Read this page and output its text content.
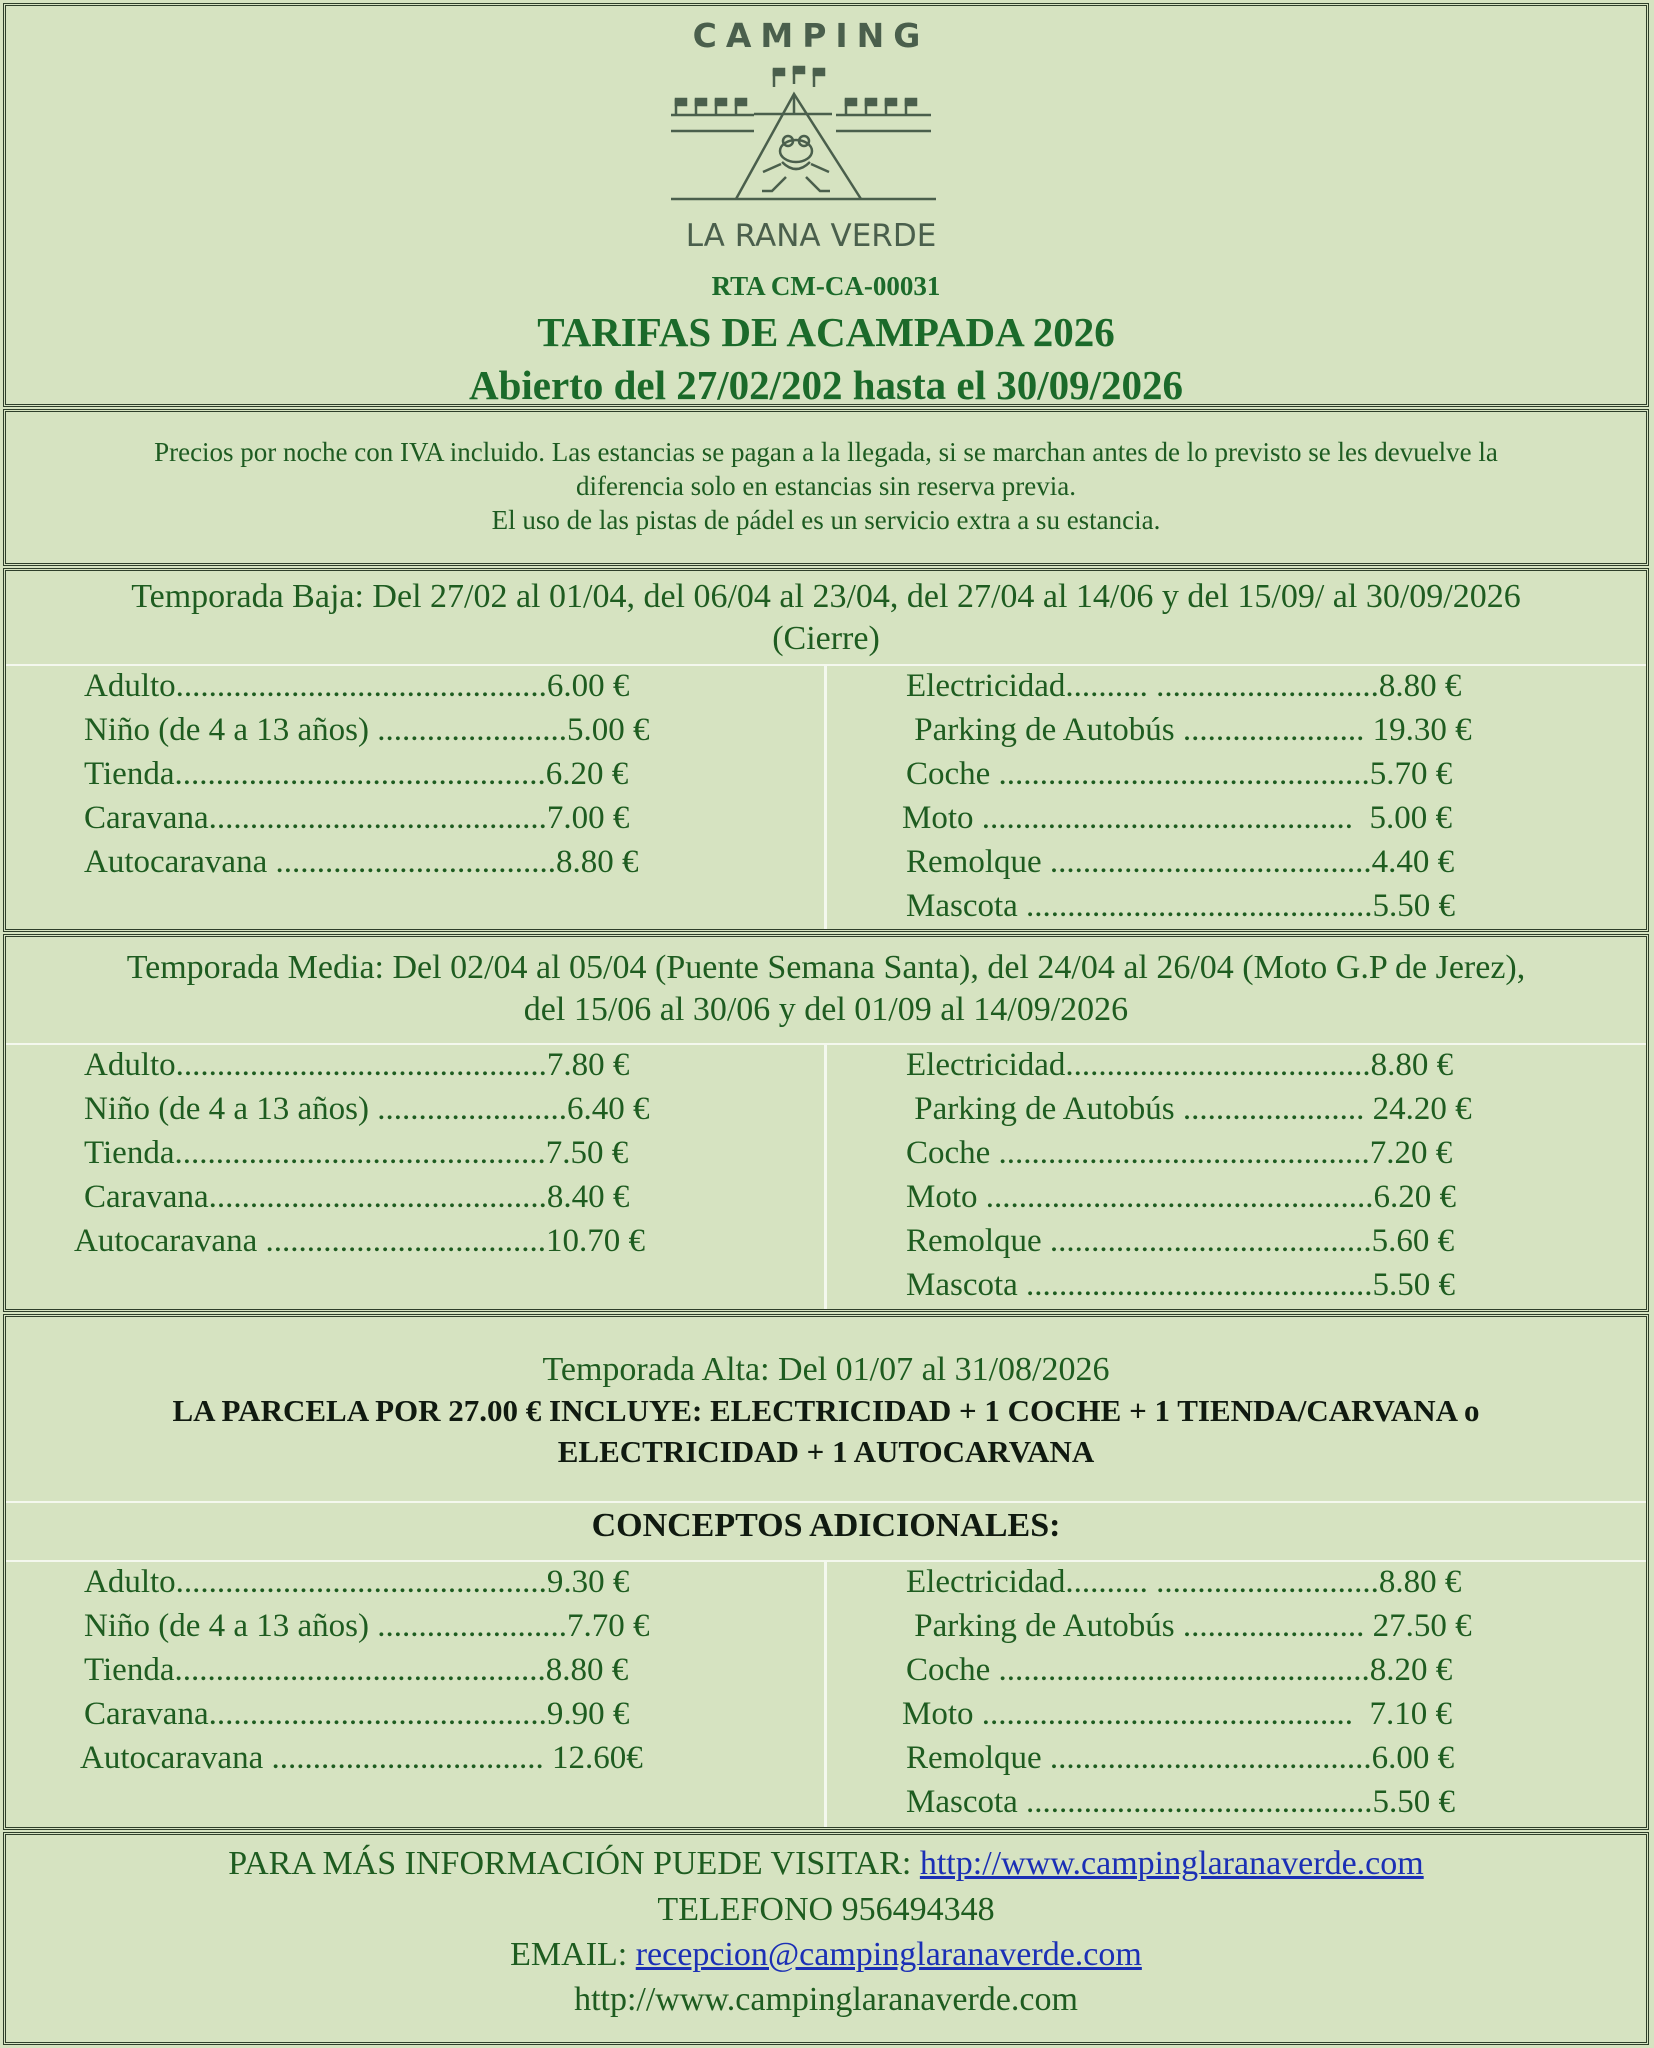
CAMPING
LA RANA VERDE
RTA CM-CA-00031
TARIFAS DE ACAMPADA 2026
Abierto del 27/02/202 hasta el 30/09/2026
Precios por noche con IVA incluido. Las estancias se pagan a la llegada, si se marchan antes de lo previsto se les devuelve la
diferencia solo en estancias sin reserva previa.
El uso de las pistas de pádel es un servicio extra a su estancia.
Temporada Baja: Del 27/02 al 01/04, del 06/04 al 23/04, del 27/04 al 14/06 y del 15/09/ al 30/09/2026
(Cierre)
Adulto.............................................6.00 €
Niño (de 4 a 13 años) .......................5.00 €
Tienda.............................................6.20 €
Caravana.........................................7.00 €
Autocaravana ..................................8.80 €
Electricidad.......... ...........................8.80 €
Parking de Autobús ...................... 19.30 €
Coche .............................................5.70 €
Moto .............................................  5.00 €
Remolque .......................................4.40 €
Mascota ..........................................5.50 €
Temporada Media: Del 02/04 al 05/04 (Puente Semana Santa), del 24/04 al 26/04 (Moto G.P de Jerez),
del 15/06 al 30/06 y del 01/09 al 14/09/2026
Adulto.............................................7.80 €
Niño (de 4 a 13 años) .......................6.40 €
Tienda.............................................7.50 €
Caravana.........................................8.40 €
Autocaravana ..................................10.70 €
Electricidad.....................................8.80 €
Parking de Autobús ...................... 24.20 €
Coche .............................................7.20 €
Moto ...............................................6.20 €
Remolque .......................................5.60 €
Mascota ..........................................5.50 €
Temporada Alta: Del 01/07 al 31/08/2026
LA PARCELA POR 27.00 € INCLUYE: ELECTRICIDAD + 1 COCHE + 1 TIENDA/CARVANA o
ELECTRICIDAD + 1 AUTOCARVANA
CONCEPTOS ADICIONALES:
Adulto.............................................9.30 €
Niño (de 4 a 13 años) .......................7.70 €
Tienda.............................................8.80 €
Caravana.........................................9.90 €
Autocaravana ................................. 12.60€
Electricidad.......... ...........................8.80 €
Parking de Autobús ...................... 27.50 €
Coche .............................................8.20 €
Moto .............................................  7.10 €
Remolque .......................................6.00 €
Mascota ..........................................5.50 €
PARA MÁS INFORMACIÓN PUEDE VISITAR: http://www.campinglaranaverde.com
TELEFONO 956494348
EMAIL: recepcion@campinglaranaverde.com
http://www.campinglaranaverde.com
